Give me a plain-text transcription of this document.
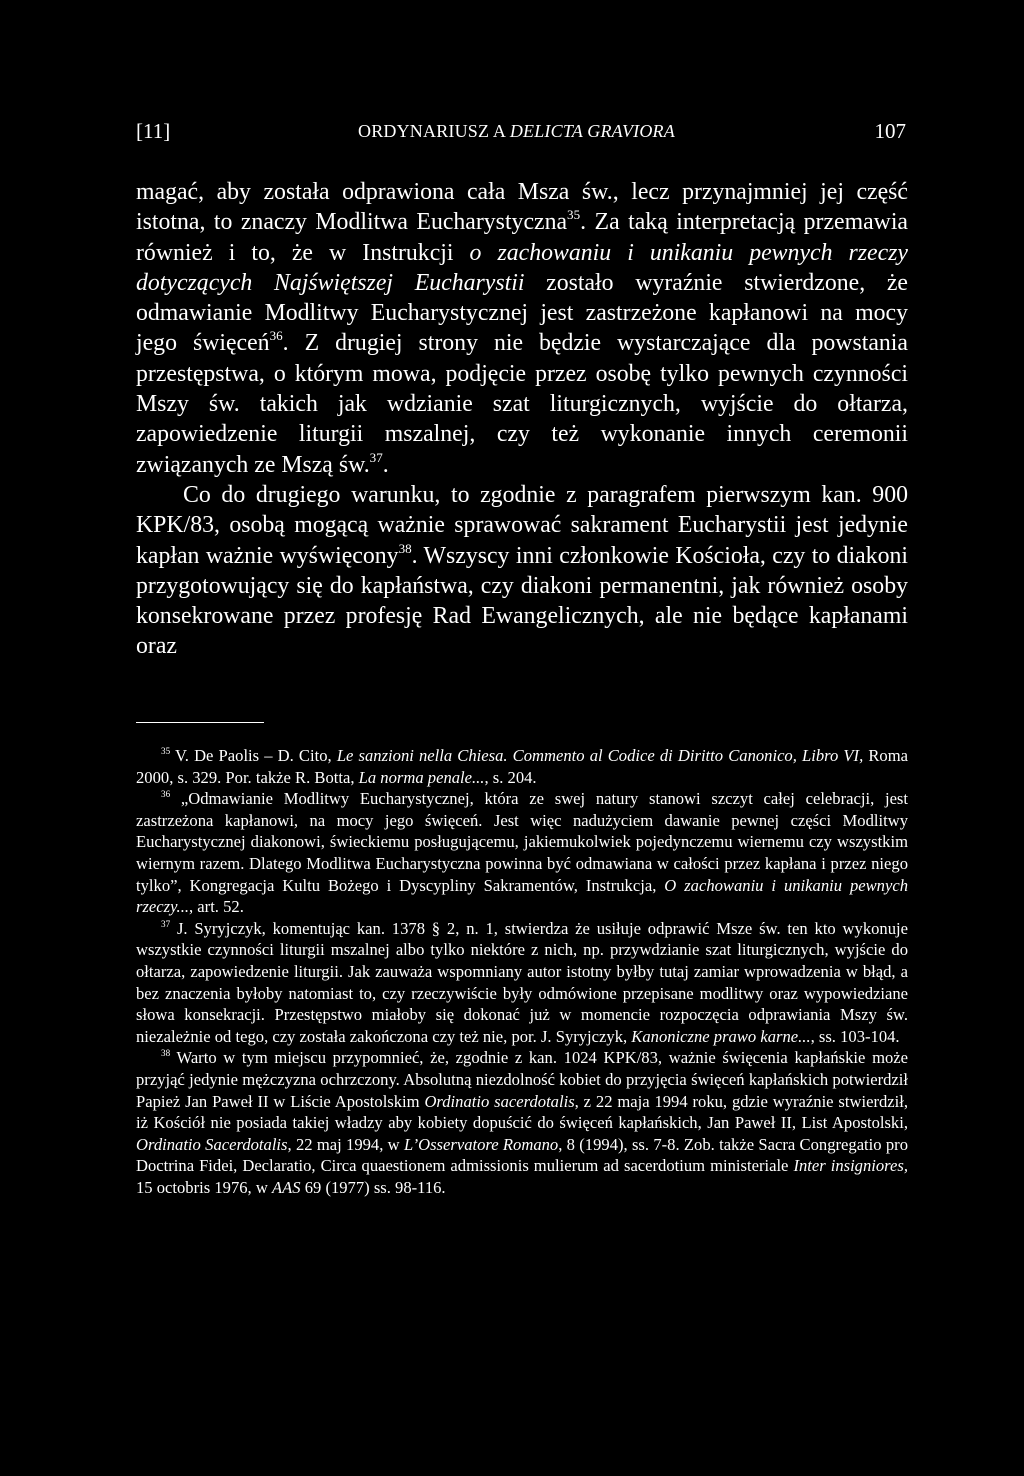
[11]	ORDYNARIUSZ A DELICTA GRAVIORA	107

magać, aby została odprawiona cała Msza św., lecz przynajmniej jej część istotna, to znaczy Modlitwa Eucharystyczna$^{35}$. Za taką interpretacją przemawia również i to, że w Instrukcji o zachowaniu i unikaniu pewnych rzeczy dotyczących Najświętszej Eucharystii zostało wyraźnie stwierdzone, że odmawianie Modlitwy Eucharystycznej jest zastrzeżone kapłanowi na mocy jego święceń$^{36}$. Z drugiej strony nie będzie wystarczające dla powstania przestępstwa, o którym mowa, podjęcie przez osobę tylko pewnych czynności Mszy św. takich jak wdzianie szat liturgicznych, wyjście do ołtarza, zapowiedzenie liturgii mszalnej, czy też wykonanie innych ceremonii związanych ze Mszą św.$^{37}$.

Co do drugiego warunku, to zgodnie z paragrafem pierwszym kan. 900 KPK/83, osobą mogącą ważnie sprawować sakrament Eucharystii jest jedynie kapłan ważnie wyświęcony$^{38}$. Wszyscy inni członkowie Kościoła, czy to diakoni przygotowujący się do kapłaństwa, czy diakoni permanentni, jak również osoby konsekrowane przez profesję Rad Ewangelicznych, ale nie będące kapłanami oraz

$^{35}$ V. De Paolis – D. Cito, Le sanzioni nella Chiesa. Commento al Codice di Diritto Canonico, Libro VI, Roma 2000, s. 329. Por. także R. Botta, La norma penale..., s. 204.

$^{36}$ „Odmawianie Modlitwy Eucharystycznej, która ze swej natury stanowi szczyt całej celebracji, jest zastrzeżona kapłanowi, na mocy jego święceń. Jest więc nadużyciem dawanie pewnej części Modlitwy Eucharystycznej diakonowi, świeckiemu posługującemu, jakiemukolwiek pojedynczemu wiernemu czy wszystkim wiernym razem. Dlatego Modlitwa Eucharystyczna powinna być odmawiana w całości przez kapłana i przez niego tylko”, Kongregacja Kultu Bożego i Dyscypliny Sakramentów, Instrukcja, O zachowaniu i unikaniu pewnych rzeczy..., art. 52.

$^{37}$ J. Syryjczyk, komentując kan. 1378 § 2, n. 1, stwierdza że usiłuje odprawić Msze św. ten kto wykonuje wszystkie czynności liturgii mszalnej albo tylko niektóre z nich, np. przywdzianie szat liturgicznych, wyjście do ołtarza, zapowiedzenie liturgii. Jak zauważa wspomniany autor istotny byłby tutaj zamiar wprowadzenia w błąd, a bez znaczenia byłoby natomiast to, czy rzeczywiście były odmówione przepisane modlitwy oraz wypowiedziane słowa konsekracji. Przestępstwo miałoby się dokonać już w momencie rozpoczęcia odprawiania Mszy św. niezależnie od tego, czy została zakończona czy też nie, por. J. Syryjczyk, Kanoniczne prawo karne..., ss. 103-104.

$^{38}$ Warto w tym miejscu przypomnieć, że, zgodnie z kan. 1024 KPK/83, ważnie święcenia kapłańskie może przyjąć jedynie mężczyzna ochrzczony. Absolutną niezdolność kobiet do przyjęcia święceń kapłańskich potwierdził Papież Jan Paweł II w Liście Apostolskim Ordinatio sacerdotalis, z 22 maja 1994 roku, gdzie wyraźnie stwierdził, iż Kościół nie posiada takiej władzy aby kobiety dopuścić do święceń kapłańskich, Jan Paweł II, List Apostolski, Ordinatio Sacerdotalis, 22 maj 1994, w L’Osservatore Romano, 8 (1994), ss. 7-8. Zob. także Sacra Congregatio pro Doctrina Fidei, Declaratio, Circa quaestionem admissionis mulierum ad sacerdotium ministeriale Inter insigniores, 15 octobris 1976, w AAS 69 (1977) ss. 98-116.
